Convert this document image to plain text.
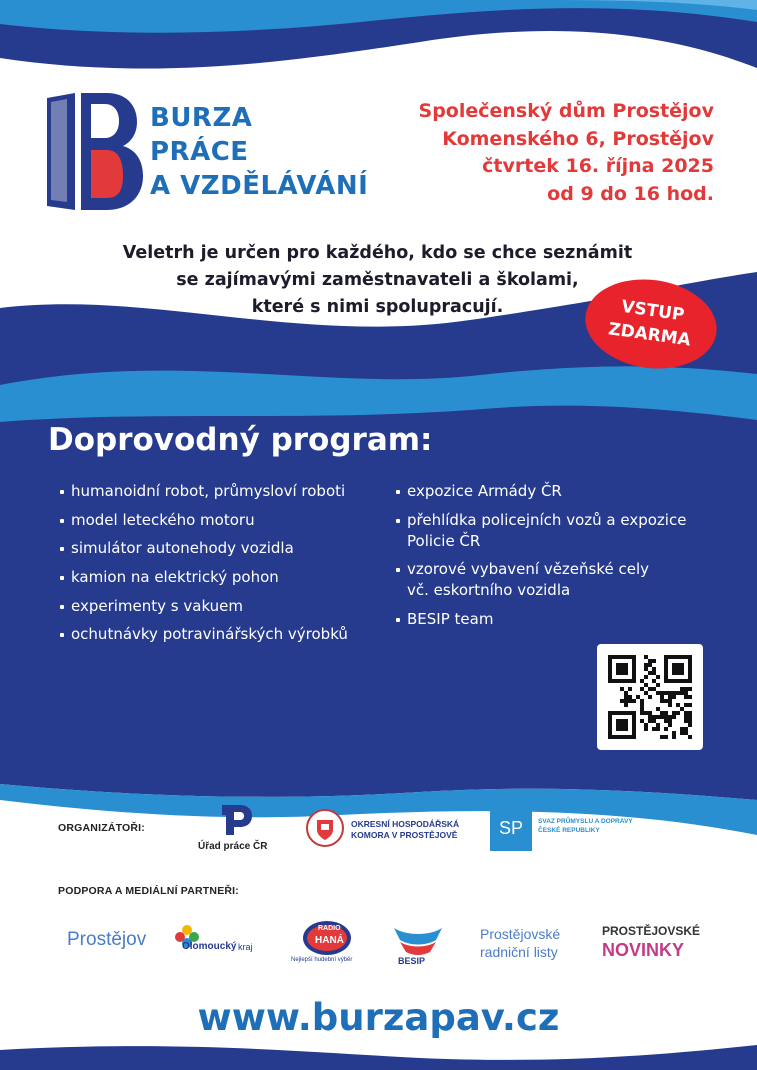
BURZA
PRÁCE
A VZDĚLÁVÁNÍ
Společenský dům Prostějov
Komenského 6, Prostějov
čtvrtek 16. října 2025
od 9 do 16 hod.
Veletrh je určen pro každého, kdo se chce seznámit
se zajímavými zaměstnavateli a školami,
které s nimi spolupracují.	VSTUP
ZDARMA
Doprovodný program:
humanoidní robot, průmysloví roboti
model leteckého motoru
simulátor autonehody vozidla
kamion na elektrický pohon
experimenty s vakuem
ochutnávky potravinářských výrobků
expozice Armády ČR
přehlídka policejních vozů a expozice
Policie ČR
vzorové vybavení vězeňské cely
vč. eskortního vozidla
BESIP team
ORGANIZÁTOŘI:
Úřad práce ČR
OKRESNÍ HOSPODÁŘSKÁ
KOMORA V PROSTĚJOVĚ	SP	SVAZ PRŮMYSLU A DOPRAVY
ČESKÉ REPUBLIKY
PODPORA A MEDIÁLNÍ PARTNEŘI:
Prostějov	Olomoucký kraj
RADIO
HANÁ
Nejlepší hudební výběr	BESIP
Prostějovské
radniční listy
PROSTĚJOVSKÉ
NOVINKY
www.burzapav.cz
